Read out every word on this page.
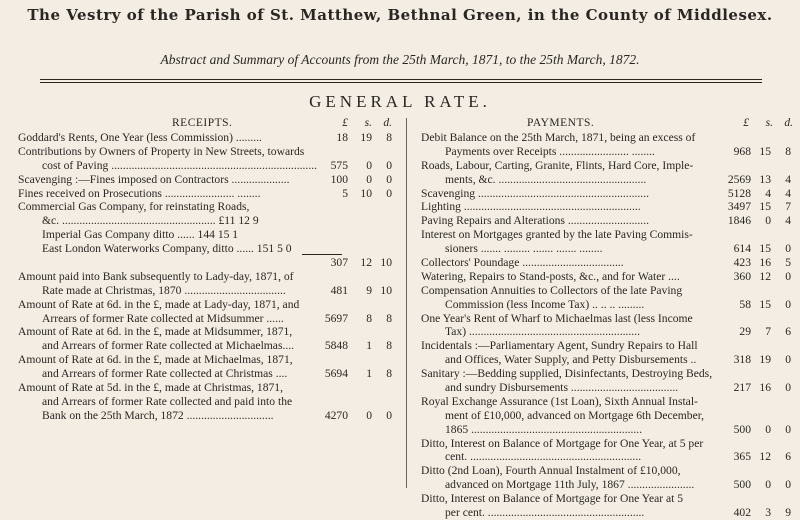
The Vestry of the Parish of St. Matthew, Bethnal Green, in the County of Middlesex.
Abstract and Summary of Accounts from the 25th March, 1871, to the 25th March, 1872.
GENERAL RATE.
RECEIPTS.	£	s. d.
Goddard's Rents, One Year (less Commission) .........	18	19	8
Contributions by Owners of Property in New Streets, towards
cost of Paving .......................................................................	575	0	0
Scavenging :—Fines imposed on Contractors ....................	100	0	0
Fines received on Prosecutions ........................ ........	5	10	0
Commercial Gas Company, for reinstating Roads,
&c. ..................................................... £11 12 9
Imperial Gas Company ditto ...... 144 15 1
East London Waterworks Company, ditto ...... 151 5 0
307	12 10
Amount paid into Bank subsequently to Lady-day, 1871, of
Rate made at Christmas, 1870 ...................................	481	9 10
Amount of Rate at 6d. in the £, made at Lady-day, 1871, and
Arrears of former Rate collected at Midsummer ......	5697	8	8
Amount of Rate at 6d. in the £, made at Midsummer, 1871,
and Arrears of former Rate collected at Michaelmas....	5848	1	8
Amount of Rate at 6d. in the £, made at Michaelmas, 1871,
and Arrears of former Rate collected at Christmas ....	5694	1	8
Amount of Rate at 5d. in the £, made at Christmas, 1871,
and Arrears of former Rate collected and paid into the
Bank on the 25th March, 1872 ..............................	4270	0	0
PAYMENTS.	£	s. d.
Debit Balance on the 25th March, 1871, being an excess of
Payments over Receipts ........................ ........	968 15	8
Roads, Labour, Carting, Granite, Flints, Hard Core, Imple-
ments, &c. ...................................................	2569 13	4
Scavenging ...........................................................	5128	4	4
Lighting .............................................................	3497 15	7
Paving Repairs and Alterations ............................	1846	0	4
Interest on Mortgages granted by the late Paving Commis-
sioners ....... ......... ....... ....... ........	614 15	0
Collectors' Poundage ...................................	423 16	5
Watering, Repairs to Stand-posts, &c., and for Water ....	360 12	0
Compensation Annuities to Collectors of the late Paving
Commission (less Income Tax) .. .. .. .........	58 15	0
One Year's Rent of Wharf to Michaelmas last (less Income
Tax) ...........................................................	29	7	6
Incidentals :—Parliamentary Agent, Sundry Repairs to Hall
and Offices, Water Supply, and Petty Disbursements ..	318 19	0
Sanitary :—Bedding supplied, Disinfectants, Destroying Beds,
and sundry Disbursements .....................................	217 16	0
Royal Exchange Assurance (1st Loan), Sixth Annual Instal-
ment of £10,000, advanced on Mortgage 6th December,
1865 ...........................................................	500	0	0
Ditto, Interest on Balance of Mortgage for One Year, at 5 per
cent. ...........................................................	365 12	6
Ditto (2nd Loan), Fourth Annual Instalment of £10,000,
advanced on Mortgage 11th July, 1867 .......................	500	0	0
Ditto, Interest on Balance of Mortgage for One Year at 5
per cent. ......................................................	402	3	9
